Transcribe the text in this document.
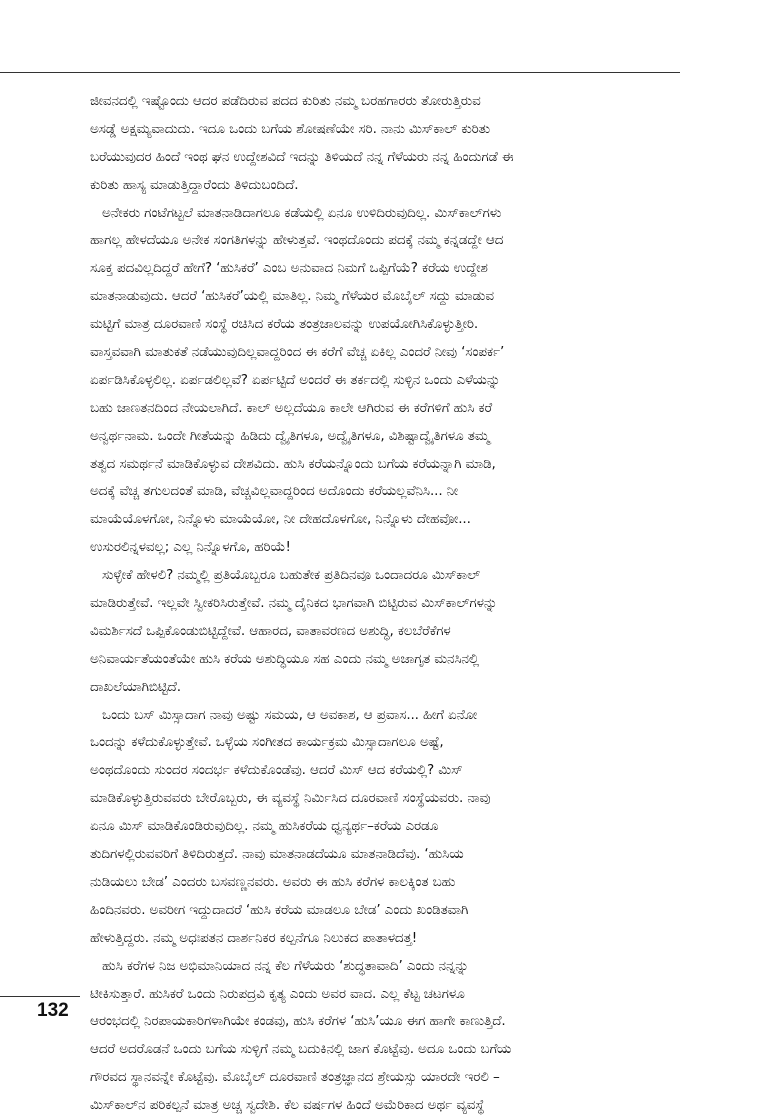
ಜೀವನದಲ್ಲಿ ಇಷ್ಟೊಂದು ಆದರ ಪಡೆದಿರುವ ಪದದ ಕುರಿತು ನಮ್ಮ ಬರಹಗಾರರು ತೋರುತ್ತಿರುವ
ಅಸಡ್ಡೆ ಅಕ್ಷಮ್ಯವಾದುದು. ಇದೂ ಒಂದು ಬಗೆಯ ಶೋಷಣೆಯೇ ಸರಿ. ನಾನು ಮಿಸ್‌ಕಾಲ್ ಕುರಿತು
ಬರೆಯುವುದರ ಹಿಂದೆ ಇಂಥ ಘನ ಉದ್ದೇಶವಿದೆ ಇದನ್ನು ತಿಳಿಯದೆ ನನ್ನ ಗೆಳೆಯರು ನನ್ನ ಹಿಂದುಗಡೆ ಈ
ಕುರಿತು ಹಾಸ್ಯ ಮಾಡುತ್ತಿದ್ದಾರೆಂದು ತಿಳಿದುಬಂದಿದೆ.
ಅನೇಕರು ಗಂಟೆಗಟ್ಟಲೆ ಮಾತನಾಡಿದಾಗಲೂ ಕಡೆಯಲ್ಲಿ ಏನೂ ಉಳಿದಿರುವುದಿಲ್ಲ. ಮಿಸ್‌ಕಾಲ್‌ಗಳು
ಹಾಗಲ್ಲ ಹೇಳದೆಯೂ ಅನೇಕ ಸಂಗತಿಗಳನ್ನು ಹೇಳುತ್ತವೆ. ಇಂಥದೊಂದು ಪದಕ್ಕೆ ನಮ್ಮ ಕನ್ನಡದ್ದೇ ಆದ
ಸೂಕ್ತ ಪದವಿಲ್ಲದಿದ್ದರೆ ಹೇಗೆ? ‘ಹುಸಿಕರೆ’ ಎಂಬ ಅನುವಾದ ನಿಮಗೆ ಒಪ್ಪಿಗೆಯೆ? ಕರೆಯ ಉದ್ದೇಶ
ಮಾತನಾಡುವುದು. ಆದರೆ ‘ಹುಸಿಕರೆ’ಯಲ್ಲಿ ಮಾತಿಲ್ಲ. ನಿಮ್ಮ ಗೆಳೆಯರ ಮೊಬೈಲ್ ಸದ್ದು ಮಾಡುವ
ಮಟ್ಟಿಗೆ ಮಾತ್ರ ದೂರವಾಣಿ ಸಂಸ್ಥೆ ರಚಿಸಿದ ಕರೆಯ ತಂತ್ರಜಾಲವನ್ನು ಉಪಯೋಗಿಸಿಕೊಳ್ಳುತ್ತೀರಿ.
ವಾಸ್ತವವಾಗಿ ಮಾತುಕತೆ ನಡೆಯುವುದಿಲ್ಲವಾದ್ದರಿಂದ ಈ ಕರೆಗೆ ವೆಚ್ಚ ಏಕಿಲ್ಲ ಎಂದರೆ ನೀವು ‘ಸಂಪರ್ಕ’
ಏರ್ಪಡಿಸಿಕೊಳ್ಳಲಿಲ್ಲ. ಏರ್ಪಡಲಿಲ್ಲವೆ? ಏರ್ಪಟ್ಟಿದೆ ಅಂದರೆ ಈ ತರ್ಕದಲ್ಲಿ ಸುಳ್ಳಿನ ಒಂದು ಎಳೆಯನ್ನು
ಬಹು ಜಾಣತನದಿಂದ ನೇಯಲಾಗಿದೆ. ಕಾಲ್ ಅಲ್ಲದೆಯೂ ಕಾಲೇ ಆಗಿರುವ ಈ ಕರೆಗಳಿಗೆ ಹುಸಿ ಕರೆ
ಅನ್ವರ್ಥನಾಮ. ಒಂದೇ ಗೀತೆಯನ್ನು ಹಿಡಿದು ದ್ವೈತಿಗಳೂ, ಅದ್ವೈತಿಗಳೂ, ವಿಶಿಷ್ಟಾದ್ವೈತಿಗಳೂ ತಮ್ಮ
ತತ್ವದ ಸಮರ್ಥನೆ ಮಾಡಿಕೊಳ್ಳುವ ದೇಶವಿದು. ಹುಸಿ ಕರೆಯನ್ನೊಂದು ಬಗೆಯ ಕರೆಯನ್ನಾಗಿ ಮಾಡಿ,
ಅದಕ್ಕೆ ವೆಚ್ಚ ತಗುಲದಂತೆ ಮಾಡಿ, ವೆಚ್ಚವಿಲ್ಲವಾದ್ದರಿಂದ ಅದೊಂದು ಕರೆಯಲ್ಲವೆನಿಸಿ... ನೀ
ಮಾಯೆಯೊಳಗೋ, ನಿನ್ನೊಳು ಮಾಯೆಯೋ, ನೀ ದೇಹದೊಳಗೋ, ನಿನ್ನೊಳು ದೇಹವೋ...
ಉಸುರಲಿನ್ನಳವಲ್ಲ; ಎಲ್ಲ ನಿನ್ನೊಳಗೊ, ಹರಿಯೆ!
ಸುಳ್ಳೇಕೆ ಹೇಳಲಿ? ನಮ್ಮಲ್ಲಿ ಪ್ರತಿಯೊಬ್ಬರೂ ಬಹುತೇಕ ಪ್ರತಿದಿನವೂ ಒಂದಾದರೂ ಮಿಸ್‌ಕಾಲ್
ಮಾಡಿರುತ್ತೇವೆ. ಇಲ್ಲವೇ ಸ್ವೀಕರಿಸಿರುತ್ತೇವೆ. ನಮ್ಮ ದೈನಿಕದ ಭಾಗವಾಗಿ ಬಿಟ್ಟಿರುವ ಮಿಸ್‌ಕಾಲ್‌ಗಳನ್ನು
ವಿಮರ್ಶಿಸದೆ ಒಪ್ಪಿಕೊಂಡುಬಿಟ್ಟಿದ್ದೇವೆ. ಆಹಾರದ, ವಾತಾವರಣದ ಅಶುದ್ಧಿ, ಕಲಬೆರೆಕೆಗಳ
ಅನಿವಾರ್ಯತೆಯಂತೆಯೇ ಹುಸಿ ಕರೆಯ ಅಶುದ್ಧಿಯೂ ಸಹ ಎಂದು ನಮ್ಮ ಅಜಾಗೃತ ಮನಸಿನಲ್ಲಿ
ದಾಖಲೆಯಾಗಿಬಿಟ್ಟಿದೆ.
ಒಂದು ಬಸ್ ಮಿಸ್ಸಾದಾಗ ನಾವು ಅಷ್ಟು ಸಮಯ, ಆ ಅವಕಾಶ, ಆ ಪ್ರವಾಸ... ಹೀಗೆ ಏನೋ
ಒಂದನ್ನು ಕಳೆದುಕೊಳ್ಳುತ್ತೇವೆ. ಒಳ್ಳೆಯ ಸಂಗೀತದ ಕಾರ್ಯಕ್ರಮ ಮಿಸ್ಸಾದಾಗಲೂ ಅಷ್ಟೆ,
ಅಂಥದೊಂದು ಸುಂದರ ಸಂದರ್ಭ ಕಳೆದುಕೊಂಡೆವು. ಆದರೆ ಮಿಸ್ ಆದ ಕರೆಯಲ್ಲಿ? ಮಿಸ್
ಮಾಡಿಕೊಳ್ಳುತ್ತಿರುವವರು ಬೇರೊಬ್ಬರು, ಈ ವ್ಯವಸ್ಥೆ ನಿರ್ಮಿಸಿದ ದೂರವಾಣಿ ಸಂಸ್ಥೆಯವರು. ನಾವು
ಏನೂ ಮಿಸ್ ಮಾಡಿಕೊಂಡಿರುವುದಿಲ್ಲ. ನಮ್ಮ ಹುಸಿಕರೆಯ ಧ್ವನ್ಯರ್ಥ–ಕರೆಯ ಎರಡೂ
ತುದಿಗಳಲ್ಲಿರುವವರಿಗೆ ತಿಳಿದಿರುತ್ತದೆ. ನಾವು ಮಾತನಾಡದೆಯೂ ಮಾತನಾಡಿದೆವು. ‘ಹುಸಿಯ
ನುಡಿಯಲು ಬೇಡ’ ಎಂದರು ಬಸವಣ್ಣನವರು. ಅವರು ಈ ಹುಸಿ ಕರೆಗಳ ಕಾಲಕ್ಕಿಂತ ಬಹು
ಹಿಂದಿನವರು. ಅವರೀಗ ಇದ್ದುದಾದರೆ ‘ಹುಸಿ ಕರೆಯ ಮಾಡಲೂ ಬೇಡ’ ಎಂದು ಖಂಡಿತವಾಗಿ
ಹೇಳುತ್ತಿದ್ದರು. ನಮ್ಮ ಅಧಃಪತನ ದಾರ್ಶನಿಕರ ಕಲ್ಪನೆಗೂ ನಿಲುಕದ ಪಾತಾಳದತ್ತ!
ಹುಸಿ ಕರೆಗಳ ನಿಜ ಅಭಿಮಾನಿಯಾದ ನನ್ನ ಕೆಲ ಗೆಳೆಯರು ‘ಶುದ್ಧತಾವಾದಿ’ ಎಂದು ನನ್ನನ್ನು
ಟೀಕಿಸುತ್ತಾರೆ. ಹುಸಿಕರೆ ಒಂದು ನಿರುಪದ್ರವಿ ಕೃತ್ಯ ಎಂದು ಅವರ ವಾದ. ಎಲ್ಲ ಕೆಟ್ಟ ಚಟಗಳೂ
ಆರಂಭದಲ್ಲಿ ನಿರಪಾಯಕಾರಿಗಳಾಗಿಯೇ ಕಂಡವು, ಹುಸಿ ಕರೆಗಳ ‘ಹುಸಿ’ಯೂ ಈಗ ಹಾಗೇ ಕಾಣುತ್ತಿದೆ.
ಆದರೆ ಅದರೊಡನೆ ಒಂದು ಬಗೆಯ ಸುಳ್ಳಿಗೆ ನಮ್ಮ ಬದುಕಿನಲ್ಲಿ ಜಾಗ ಕೊಟ್ಟೆವು. ಅದೂ ಒಂದು ಬಗೆಯ
ಗೌರವದ ಸ್ಥಾನವನ್ನೇ ಕೊಟ್ಟೆವು. ಮೊಬೈಲ್ ದೂರವಾಣಿ ತಂತ್ರಜ್ಞಾನದ ಶ್ರೇಯಸ್ಸು ಯಾರದೇ ಇರಲಿ –
ಮಿಸ್‌ಕಾಲ್‌ನ ಪರಿಕಲ್ಪನೆ ಮಾತ್ರ ಅಚ್ಚ ಸ್ವದೇಶಿ. ಕೆಲ ವರ್ಷಗಳ ಹಿಂದೆ ಅಮೆರಿಕಾದ ಅರ್ಥ ವ್ಯವಸ್ಥೆ
132
